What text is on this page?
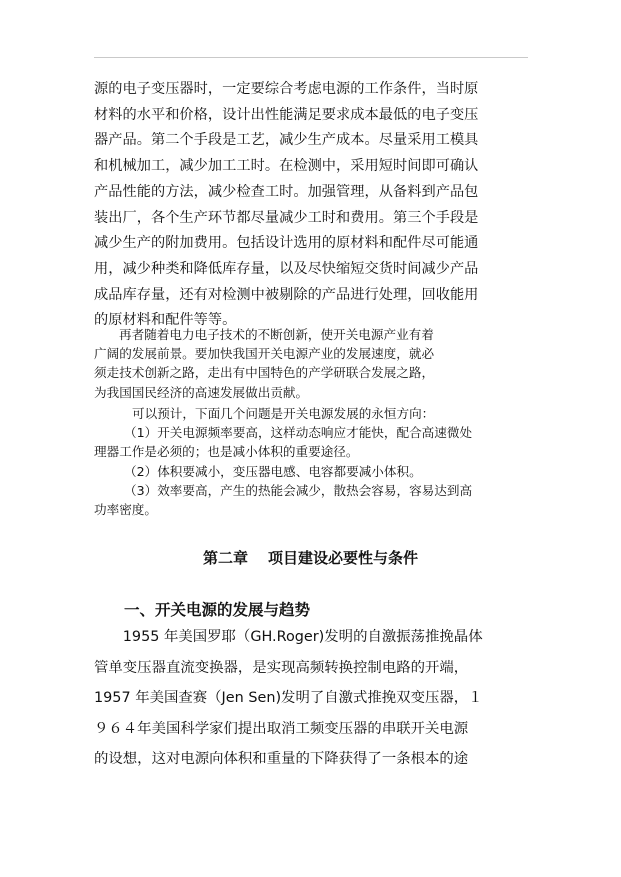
源的电子变压器时，一定要综合考虑电源的工作条件，当时原
材料的水平和价格，设计出性能满足要求成本最低的电子变压
器产品。第二个手段是工艺，减少生产成本。尽量采用工模具
和机械加工，减少加工工时。在检测中，采用短时间即可确认
产品性能的方法，减少检查工时。加强管理，从备料到产品包
装出厂，各个生产环节都尽量减少工时和费用。第三个手段是
减少生产的附加费用。包括设计选用的原材料和配件尽可能通
用，减少种类和降低库存量，以及尽快缩短交货时间减少产品
成品库存量，还有对检测中被剔除的产品进行处理，回收能用
的原材料和配件等等。
再者随着电力电子技术的不断创新，使开关电源产业有着
广阔的发展前景。要加快我国开关电源产业的发展速度，就必
须走技术创新之路，走出有中国特色的产学研联合发展之路，
为我国国民经济的高速发展做出贡献。
可以预计，下面几个问题是开关电源发展的永恒方向：
（1）开关电源频率要高，这样动态响应才能快，配合高速微处
理器工作是必须的；也是减小体积的重要途径。
（2）体积要减小，变压器电感、电容都要减小体积。
（3）效率要高，产生的热能会减少，散热会容易，容易达到高
功率密度。
第二章 项目建设必要性与条件
一、开关电源的发展与趋势
　　1955 年美国罗耶（GH.Roger)发明的自激振荡推挽晶体
管单变压器直流变换器，是实现高频转换控制电路的开端，
1957 年美国查赛（Jen Sen)发明了自激式推挽双变压器，１
９６４年美国科学家们提出取消工频变压器的串联开关电源
的设想，这对电源向体积和重量的下降获得了一条根本的途
